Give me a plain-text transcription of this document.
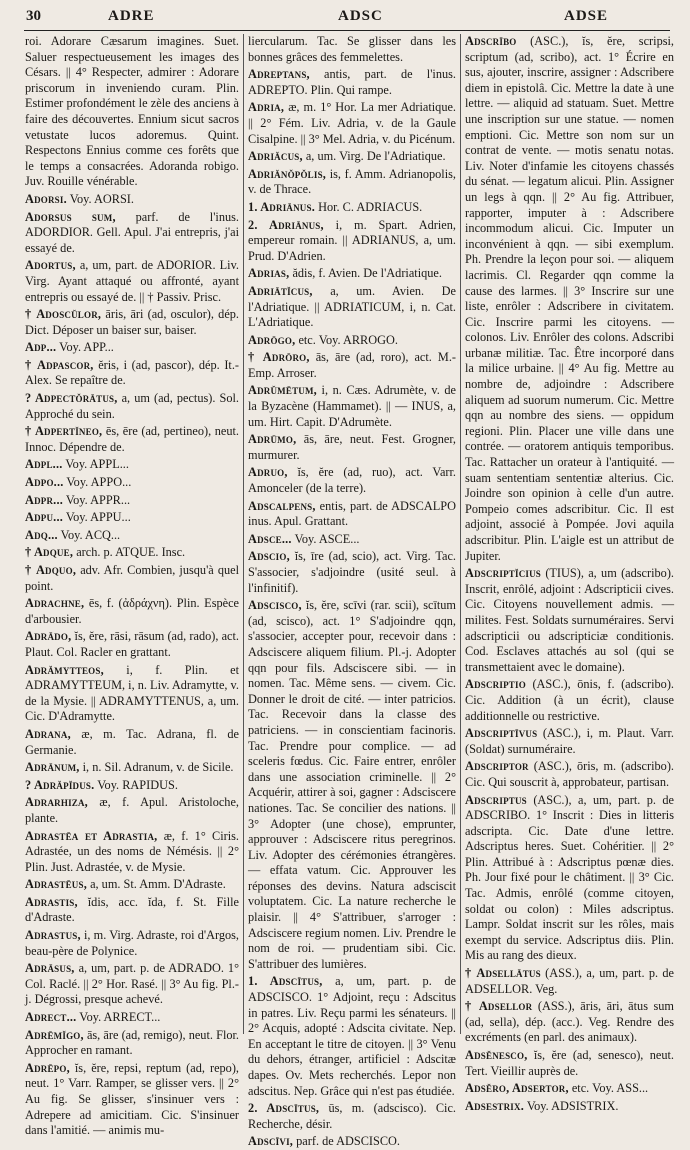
30	ADRE	ADSC	ADSE

roi. Adorare Cæsarum imagines. Suet. Saluer respectueusement les images des Césars. || 4° Respecter, admirer : Adorare priscorum in inveniendo curam. Plin. Estimer profondément le zèle des anciens à faire des découvertes. Ennium sicut sacros vetustate lucos adoremus. Quint. Respectons Ennius comme ces forêts que le temps a consacrées. Adoranda robigo. Juv. Rouille vénérable.

Adorsi. Voy. AORSI.

Adorsus sum, parf. de l'inus. ADORDIOR. Gell. Apul. J'ai entrepris, j'ai essayé de.

Adortus, a, um, part. de ADORIOR. Liv. Virg. Ayant attaqué ou affronté, ayant entrepris ou essayé de. || † Passiv. Prisc.

† Adoscŭlor, āris, āri (ad, osculor), dép. Dict. Déposer un baiser sur, baiser.

Adp... Voy. APP...

† Adpascor, ĕris, i (ad, pascor), dép. It.-Alex. Se repaître de.

? Adpectŏrātus, a, um (ad, pectus). Sol. Approché du sein.

† Adpertĭneo, ēs, ēre (ad, pertineo), neut. Innoc. Dépendre de.

Adpl... Voy. APPL...

Adpo... Voy. APPO...

Adpr... Voy. APPR...

Adpu... Voy. APPU...

Adq... Voy. ACQ...

† Adque, arch. p. ATQUE. Insc.

† Adquo, adv. Afr. Combien, jusqu'à quel point.

Adrachne, ēs, f. (ἀδράχνη). Plin. Espèce d'arbousier.

Adrādo, ĭs, ĕre, rāsi, rāsum (ad, rado), act. Plaut. Col. Racler en grattant.

Adrămytteos, i, f. Plin. et ADRAMYTTEUM, i, n. Liv. Adramytte, v. de la Mysie. || ADRAMYTTENUS, a, um. Cic. D'Adramytte.

Adrana, æ, m. Tac. Adrana, fl. de Germanie.

Adrānum, i, n. Sil. Adranum, v. de Sicile.

? Adrăpĭdus. Voy. RAPIDUS.

Adrarhiza, æ, f. Apul. Aristoloche, plante.

Adrastēa et Adrastia, æ, f. 1° Ciris. Adrastée, un des noms de Némésis. || 2° Plin. Just. Adrastée, v. de Mysie.

Adrastēus, a, um. St. Amm. D'Adraste.

Adrastis, ĭdis, acc. ĭda, f. St. Fille d'Adraste.

Adrastus, i, m. Virg. Adraste, roi d'Argos, beau-père de Polynice.

Adrāsus, a, um, part. p. de ADRADO. 1° Col. Raclé. || 2° Hor. Rasé. || 3° Au fig. Pl.-j. Dégrossi, presque achevé.

Adrect... Voy. ARRECT...

Adrēmĭgo, ās, āre (ad, remigo), neut. Flor. Approcher en ramant.

Adrēpo, ĭs, ĕre, repsi, reptum (ad, repo), neut. 1° Varr. Ramper, se glisser vers. || 2° Au fig. Se glisser, s'insinuer vers : Adrepere ad amicitiam. Cic. S'insinuer dans l'amitié. — animis mu-

liercularum. Tac. Se glisser dans les bonnes grâces des femmelettes.

Adreptans, antis, part. de l'inus. ADREPTO. Plin. Qui rampe.

Adria, æ, m. 1° Hor. La mer Adriatique. || 2° Fém. Liv. Adria, v. de la Gaule Cisalpine. || 3° Mel. Adria, v. du Picénum.

Adriăcus, a, um. Virg. De l'Adriatique.

Adriănŏpŏlis, is, f. Amm. Adrianopolis, v. de Thrace.

1. Adriānus. Hor. C. ADRIACUS.

2. Adriānus, i, m. Spart. Adrien, empereur romain. || ADRIANUS, a, um. Prud. D'Adrien.

Adrias, ădis, f. Avien. De l'Adriatique.

Adriātĭcus, a, um. Avien. De l'Adriatique. || ADRIATICUM, i, n. Cat. L'Adriatique.

Adrōgo, etc. Voy. ARROGO.

† Adrōro, ās, āre (ad, roro), act. M.-Emp. Arroser.

Adrŭmētum, i, n. Cæs. Adrumète, v. de la Byzacène (Hammamet). || — INUS, a, um. Hirt. Capit. D'Adrumète.

Adrūmo, ās, āre, neut. Fest. Grogner, murmurer.

Adruo, ĭs, ĕre (ad, ruo), act. Varr. Amonceler (de la terre).

Adscalpens, entis, part. de ADSCALPO inus. Apul. Grattant.

Adsce... Voy. ASCE...

Adscio, ĭs, īre (ad, scio), act. Virg. Tac. S'associer, s'adjoindre (usité seul. à l'infinitif).

Adscisco, ĭs, ĕre, scīvi (rar. scii), scītum (ad, scisco), act. 1° S'adjoindre qqn, s'associer, accepter pour, recevoir dans : Adsciscere aliquem filium. Pl.-j. Adopter qqn pour fils. Adsciscere sibi. — in nomen. Tac. Même sens. — civem. Cic. Donner le droit de cité. — inter patricios. Tac. Recevoir dans la classe des patriciens. — in conscientiam facinoris. Tac. Prendre pour complice. — ad sceleris fœdus. Cic. Faire entrer, enrôler dans une association criminelle. || 2° Acquérir, attirer à soi, gagner : Adsciscere nationes. Tac. Se concilier des nations. || 3° Adopter (une chose), emprunter, approuver : Adsciscere ritus peregrinos. Liv. Adopter des cérémonies étrangères. — effata vatum. Cic. Approuver les réponses des devins. Natura adsciscit voluptatem. Cic. La nature recherche le plaisir. || 4° S'attribuer, s'arroger : Adsciscere regium nomen. Liv. Prendre le nom de roi. — prudentiam sibi. Cic. S'attribuer des lumières.

1. Adscītus, a, um, part. p. de ADSCISCO. 1° Adjoint, reçu : Adscitus in patres. Liv. Reçu parmi les sénateurs. || 2° Acquis, adopté : Adscita civitate. Nep. En acceptant le titre de citoyen. || 3° Venu du dehors, étranger, artificiel : Adscitæ dapes. Ov. Mets recherchés. Lepor non adscitus. Nep. Grâce qui n'est pas étudiée.

2. Adscītus, ūs, m. (adscisco). Cic. Recherche, désir.

Adscīvi, parf. de ADSCISCO.

Adscrībo (ASC.), ĭs, ĕre, scripsi, scriptum (ad, scribo), act. 1° Écrire en sus, ajouter, inscrire, assigner : Adscribere diem in epistolâ. Cic. Mettre la date à une lettre. — aliquid ad statuam. Suet. Mettre une inscription sur une statue. — nomen emptioni. Cic. Mettre son nom sur un contrat de vente. — motis senatu notas. Liv. Noter d'infamie les citoyens chassés du sénat. — legatum alicui. Plin. Assigner un legs à qqn. || 2° Au fig. Attribuer, rapporter, imputer à : Adscribere incommodum alicui. Cic. Imputer un inconvénient à qqn. — sibi exemplum. Ph. Prendre la leçon pour soi. — aliquem lacrimis. Cl. Regarder qqn comme la cause des larmes. || 3° Inscrire sur une liste, enrôler : Adscribere in civitatem. Cic. Inscrire parmi les citoyens. — colonos. Liv. Enrôler des colons. Adscribi urbanæ militiæ. Tac. Être incorporé dans la milice urbaine. || 4° Au fig. Mettre au nombre de, adjoindre : Adscribere aliquem ad suorum numerum. Cic. Mettre qqn au nombre des siens. — oppidum regioni. Plin. Placer une ville dans une contrée. — oratorem antiquis temporibus. Tac. Rattacher un orateur à l'antiquité. — suam sententiam sententiæ alterius. Cic. Joindre son opinion à celle d'un autre. Pompeio comes adscribitur. Cic. Il est adjoint, associé à Pompée. Jovi aquila adscribitur. Plin. L'aigle est un attribut de Jupiter.

Adscriptĭcius (TIUS), a, um (adscribo). Inscrit, enrôlé, adjoint : Adscripticii cives. Cic. Citoyens nouvellement admis. — milites. Fest. Soldats surnuméraires. Servi adscripticii ou adscripticiæ conditionis. Cod. Esclaves attachés au sol (qui se transmettaient avec le domaine).

Adscriptio (ASC.), ōnis, f. (adscribo). Cic. Addition (à un écrit), clause additionnelle ou restrictive.

Adscriptīvus (ASC.), i, m. Plaut. Varr. (Soldat) surnuméraire.

Adscriptor (ASC.), ōris, m. (adscribo). Cic. Qui souscrit à, approbateur, partisan.

Adscriptus (ASC.), a, um, part. p. de ADSCRIBO. 1° Inscrit : Dies in litteris adscripta. Cic. Date d'une lettre. Adscriptus heres. Suet. Cohéritier. || 2° Plin. Attribué à : Adscriptus pœnæ dies. Ph. Jour fixé pour le châtiment. || 3° Cic. Tac. Admis, enrôlé (comme citoyen, soldat ou colon) : Miles adscriptus. Lampr. Soldat inscrit sur les rôles, mais exempt du service. Adscriptus diis. Plin. Mis au rang des dieux.

† Adsellātus (ASS.), a, um, part. p. de ADSELLOR. Veg.

† Adsellor (ASS.), āris, āri, ātus sum (ad, sella), dép. (acc.). Veg. Rendre des excréments (en parl. des animaux).

Adsĕnesco, ĭs, ĕre (ad, senesco), neut. Tert. Vieillir auprès de.

Adsĕro, Adsertor, etc. Voy. ASS...

Adsestrix. Voy. ADSISTRIX.
